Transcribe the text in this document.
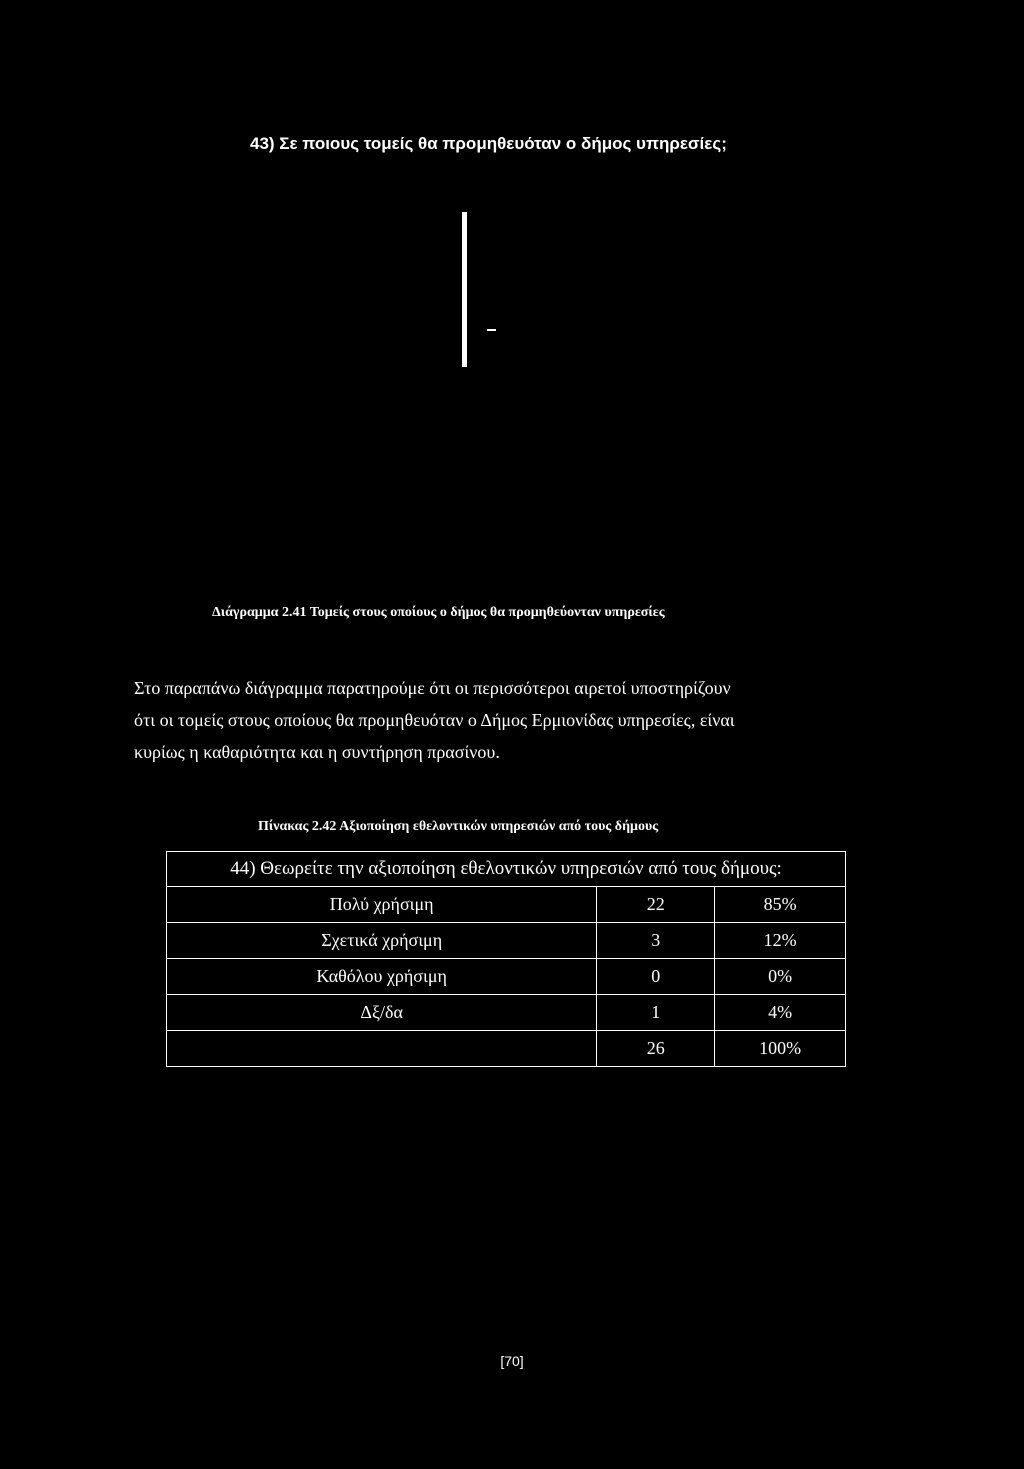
43) Σε ποιους τομείς θα προμηθευόταν ο δήμος υπηρεσίες;
Διάγραμμα 2.41 Τομείς στους οποίους ο δήμος θα προμηθεύονταν υπηρεσίες

Στο παραπάνω διάγραμμα παρατηρούμε ότι οι περισσότεροι αιρετοί υποστηρίζουν

ότι οι τομείς στους οποίους θα προμηθευόταν ο Δήμος Ερμιονίδας υπηρεσίες, είναι

κυρίως η καθαριότητα και η συντήρηση πρασίνου.

Πίνακας 2.42 Αξιοποίηση εθελοντικών υπηρεσιών από τους δήμους
44) Θεωρείτε την αξιοποίηση εθελοντικών υπηρεσιών από τους δήμους:		
Πολύ χρήσιμη	22	85%
Σχετικά χρήσιμη	3	12%
Καθόλου χρήσιμη	0	0%
Δξ/δα	1	4%
	26	100%
[70]
